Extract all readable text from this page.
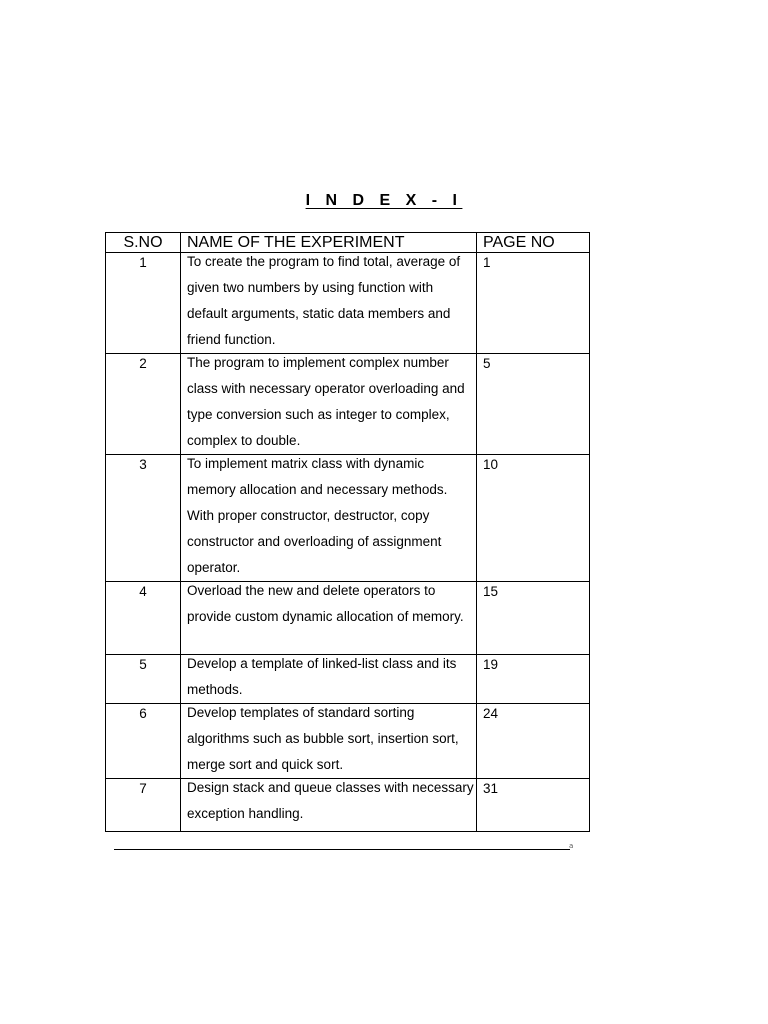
I N D E X - I
S.NO	NAME OF THE EXPERIMENT	PAGE NO
1	To create the program to find total, average of given two numbers by using function with default arguments, static data members and friend function.	1
2	The program to implement complex number class with necessary operator overloading and type conversion such as integer to complex, complex to double.	5
3	To implement matrix class with dynamic memory allocation and necessary methods. With proper constructor, destructor, copy constructor and overloading of assignment operator.	10
4	Overload the new and delete operators to provide custom dynamic allocation of memory.	15
5	Develop a template of linked-list class and its methods.	19
6	Develop templates of standard sorting algorithms such as bubble sort, insertion sort, merge sort and quick sort.	24
7	Design stack and queue classes with necessary exception handling.	31
a
